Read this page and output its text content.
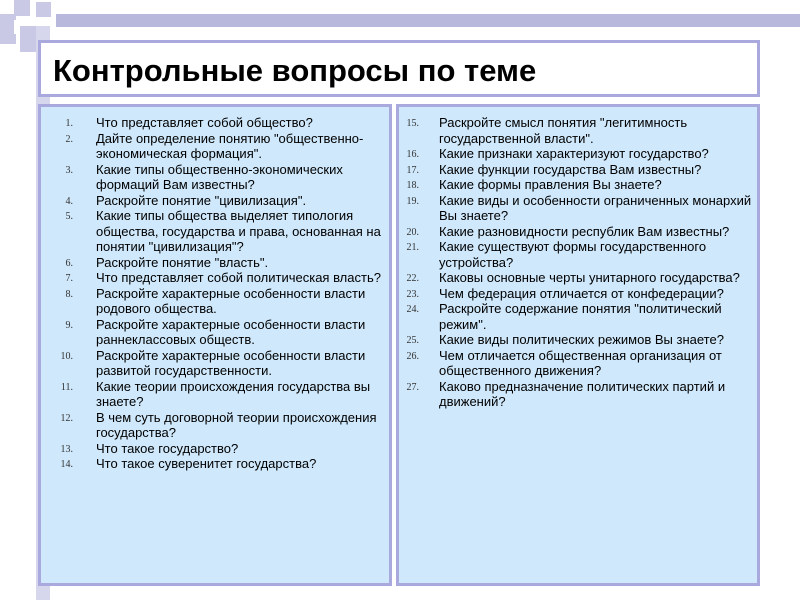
Контрольные вопросы по теме
1. Что представляет собой общество?
2. Дайте определение понятию "общественно-экономическая формация".
3. Какие типы общественно-экономических формаций Вам известны?
4. Раскройте понятие "цивилизация".
5. Какие типы общества выделяет типология общества, государства и права, основанная на понятии "цивилизация"?
6. Раскройте понятие "власть".
7. Что представляет собой политическая власть?
8. Раскройте характерные особенности власти родового общества.
9. Раскройте характерные особенности власти раннеклассовых обществ.
10. Раскройте характерные особенности власти развитой государственности.
11. Какие теории происхождения государства вы знаете?
12. В чем суть договорной теории происхождения государства?
13. Что такое государство?
14. Что такое суверенитет государства?
15. Раскройте смысл понятия "легитимность государственной власти".
16. Какие признаки характеризуют государство?
17. Какие функции государства Вам известны?
18. Какие формы правления Вы знаете?
19. Какие виды и особенности ограниченных монархий Вы знаете?
20. Какие разновидности республик Вам известны?
21. Какие существуют формы государственного устройства?
22. Каковы основные черты унитарного государства?
23. Чем федерация отличается от конфедерации?
24. Раскройте содержание понятия "политический режим".
25. Какие виды политических режимов Вы знаете?
26. Чем отличается общественная организация от общественного движения?
27. Каково предназначение политических партий и движений?
